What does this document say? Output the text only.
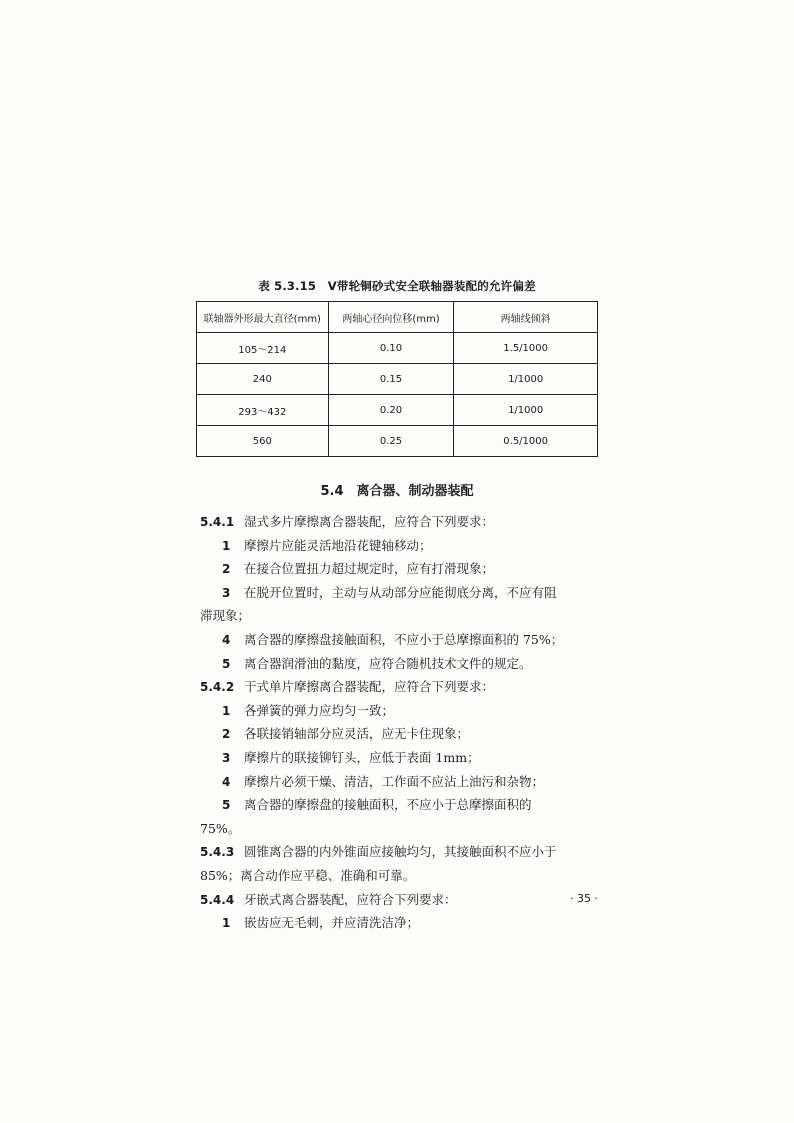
表 5.3.15　V带轮铜砂式安全联轴器装配的允许偏差
联轴器外形最大直径(mm)	两轴心径向位移(mm)	两轴线倾斜
105～214	0.10	1.5/1000
240	0.15	1/1000
293～432	0.20	1/1000
560	0.25	0.5/1000
5.4　离合器、制动器装配
5.4.1 湿式多片摩擦离合器装配，应符合下列要求：
1 摩擦片应能灵活地沿花键轴移动；
2 在接合位置扭力超过规定时，应有打滑现象；
3 在脱开位置时，主动与从动部分应能彻底分离，不应有阻
滞现象；
4 离合器的摩擦盘接触面积，不应小于总摩擦面积的 75%；
5 离合器润滑油的黏度，应符合随机技术文件的规定。
5.4.2 干式单片摩擦离合器装配，应符合下列要求：
1 各弹簧的弹力应均匀一致；
2 各联接销轴部分应灵活，应无卡住现象；
3 摩擦片的联接铆钉头，应低于表面 1mm；
4 摩擦片必须干燥、清洁，工作面不应沾上油污和杂物；
5 离合器的摩擦盘的接触面积，不应小于总摩擦面积的
75%。
5.4.3 圆锥离合器的内外锥面应接触均匀，其接触面积不应小于
85%；离合动作应平稳、准确和可靠。
5.4.4 牙嵌式离合器装配，应符合下列要求：
1 嵌齿应无毛刺，并应清洗洁净；
· 35 ·
